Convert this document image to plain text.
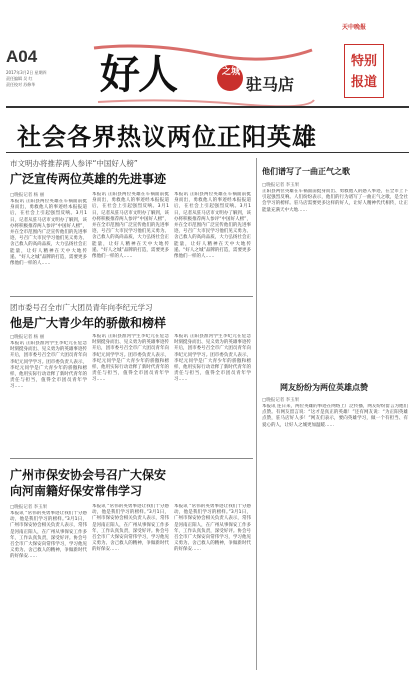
A04
2017年3月2日 星期四
责任编辑 吴 红
责任校对 苏修华 好人	之城
驻马店
天中晚报
特别
报道
社会各界热议两位正阳英雄
市文明办将推荐两人参评“中国好人榜”
广泛宣传两位英雄的先进事迹
□晚报记者 杨 丽
本报讯 正阳县两位英雄在车祸面前挺身而出，勇救他人的事迹经本报报道后，在社会上引起强烈反响。3月1日，记者从驻马店市文明办了解到，该办将积极推荐两人参评“中国好人榜”，并在全市范围内广泛宣传他们的先进事迹，号召广大市民学习他们见义勇为、舍己救人的高尚品质，大力弘扬社会正能量，让好人精神在天中大地传递。“好人之城”品牌的打造，需要更多像他们一样的人……
本报讯 正阳县两位英雄在车祸面前挺身而出，勇救他人的事迹经本报报道后，在社会上引起强烈反响。3月1日，记者从驻马店市文明办了解到，该办将积极推荐两人参评“中国好人榜”，并在全市范围内广泛宣传他们的先进事迹，号召广大市民学习他们见义勇为、舍己救人的高尚品质，大力弘扬社会正能量，让好人精神在天中大地传递。“好人之城”品牌的打造，需要更多像他们一样的人……
本报讯 正阳县两位英雄在车祸面前挺身而出，勇救他人的事迹经本报报道后，在社会上引起强烈反响。3月1日，记者从驻马店市文明办了解到，该办将积极推荐两人参评“中国好人榜”，并在全市范围内广泛宣传他们的先进事迹，号召广大市民学习他们见义勇为、舍己救人的高尚品质，大力弘扬社会正能量，让好人精神在天中大地传递。“好人之城”品牌的打造，需要更多像他们一样的人……
团市委号召全市广大团员青年向李纪元学习
他是广大青少年的骄傲和榜样
□晚报记者 杨 丽
本报讯 正阳县淮河学生李纪元在危急时刻挺身而出、见义勇为的英雄事迹传开后，团市委号召全市广大团员青年向李纪元同学学习。团市委负责人表示，李纪元同学是广大青少年的骄傲和榜样，他用实际行动诠释了新时代青年的责任与担当，值得全市团员青年学习……
本报讯 正阳县淮河学生李纪元在危急时刻挺身而出、见义勇为的英雄事迹传开后，团市委号召全市广大团员青年向李纪元同学学习。团市委负责人表示，李纪元同学是广大青少年的骄傲和榜样，他用实际行动诠释了新时代青年的责任与担当，值得全市团员青年学习……
本报讯 正阳县淮河学生李纪元在危急时刻挺身而出、见义勇为的英雄事迹传开后，团市委号召全市广大团员青年向李纪元同学学习。团市委负责人表示，李纪元同学是广大青少年的骄傲和榜样，他用实际行动诠释了新时代青年的责任与担当，值得全市团员青年学习……
广州市保安协会号召广大保安
向河南籍好保安常伟学习
□晚报记者 李玉果
本报讯 “常伟的英勇事迹让我们十分感动，他是我们学习的榜样。”3月1日，广州市保安协会相关负责人表示，常伟是河南正阳人，在广州从事保安工作多年，工作认真负责，深受好评。协会号召全市广大保安向常伟学习，学习他见义勇为、舍己救人的精神，争做新时代的好保安……
本报讯 “常伟的英勇事迹让我们十分感动，他是我们学习的榜样。”3月1日，广州市保安协会相关负责人表示，常伟是河南正阳人，在广州从事保安工作多年，工作认真负责，深受好评。协会号召全市广大保安向常伟学习，学习他见义勇为、舍己救人的精神，争做新时代的好保安……
本报讯 “常伟的英勇事迹让我们十分感动，他是我们学习的榜样。”3月1日，广州市保安协会相关负责人表示，常伟是河南正阳人，在广州从事保安工作多年，工作认真负责，深受好评。协会号召全市广大保安向常伟学习，学习他见义勇为、舍己救人的精神，争做新时代的好保安……
他们谱写了一曲正气之歌
□晚报记者 李玉果
正阳县两位英雄在车祸面前挺身而出、勇救他人的感人事迹，在全市上下引起强烈反响。人们纷纷表示，他们的行为谱写了一曲正气之歌，是全社会学习的榜样。驻马店需要更多这样的好人，让好人精神代代相传，让正能量充满天中大地……
网友纷纷为两位英雄点赞
□晚报记者 李玉果
本报讯 连日来，两位英雄的事迹在网络上广泛传播，网友纷纷留言为他们点赞。有网友留言说：“这才是真正的英雄！”还有网友说：“为正阳英雄点赞，驻马店好人多！”网友们表示，要向英雄学习，做一个有担当、有爱心的人，让好人之城更加温暖……
